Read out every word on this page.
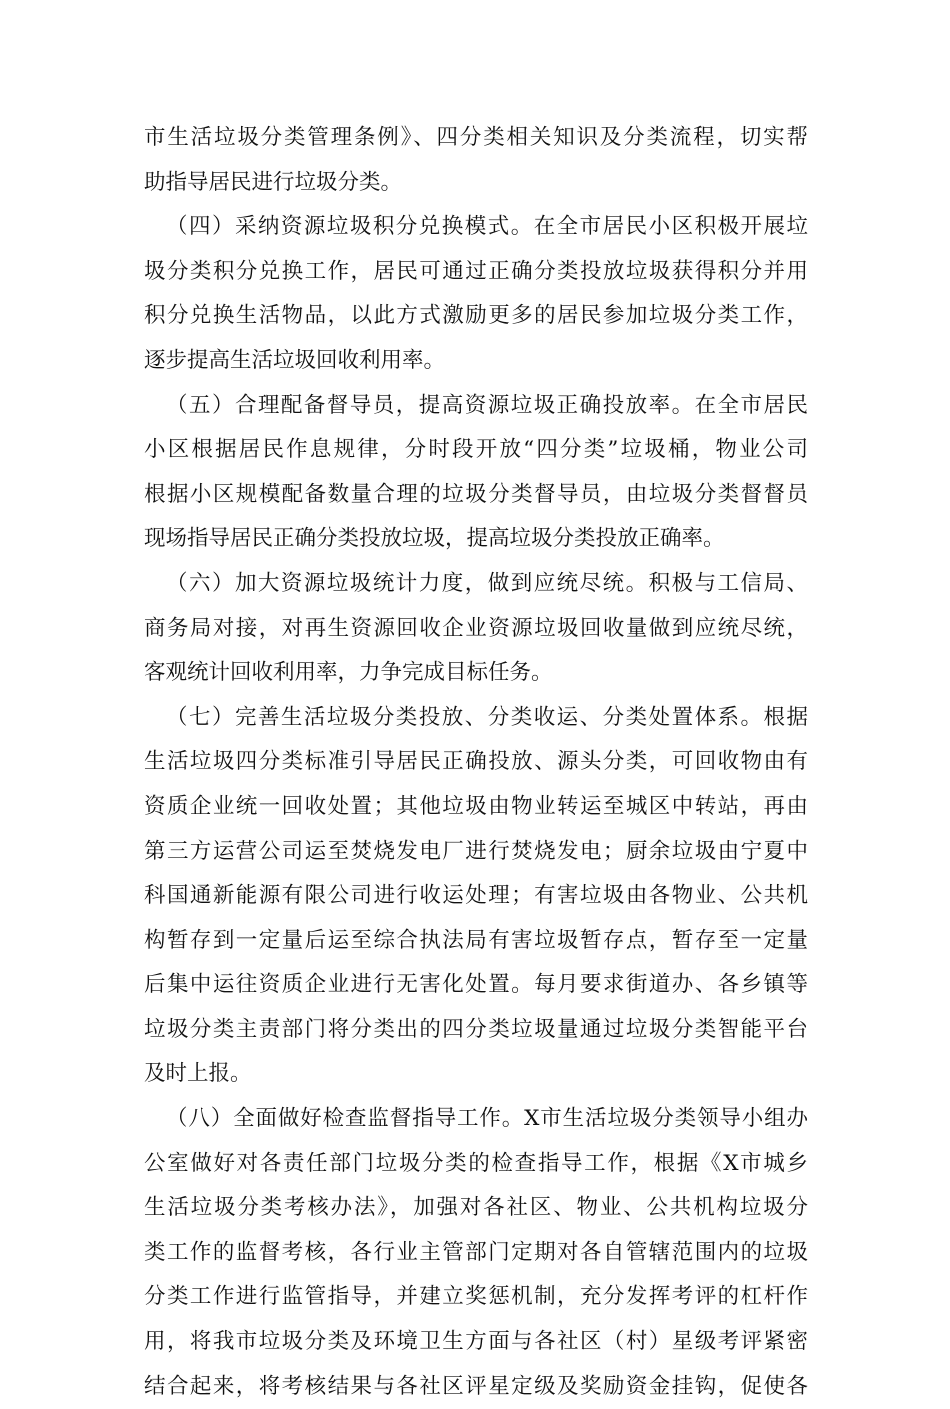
市生活垃圾分类管理条例》、四分类相关知识及分类流程，切实帮
助指导居民进行垃圾分类。
（四）采纳资源垃圾积分兑换模式。在全市居民小区积极开展垃
圾分类积分兑换工作，居民可通过正确分类投放垃圾获得积分并用
积分兑换生活物品，以此方式激励更多的居民参加垃圾分类工作，
逐步提高生活垃圾回收利用率。
（五）合理配备督导员，提高资源垃圾正确投放率。在全市居民
小区根据居民作息规律，分时段开放“四分类”垃圾桶，物业公司
根据小区规模配备数量合理的垃圾分类督导员，由垃圾分类督督员
现场指导居民正确分类投放垃圾，提高垃圾分类投放正确率。
（六）加大资源垃圾统计力度，做到应统尽统。积极与工信局、
商务局对接，对再生资源回收企业资源垃圾回收量做到应统尽统，
客观统计回收利用率，力争完成目标任务。
（七）完善生活垃圾分类投放、分类收运、分类处置体系。根据
生活垃圾四分类标准引导居民正确投放、源头分类，可回收物由有
资质企业统一回收处置；其他垃圾由物业转运至城区中转站，再由
第三方运营公司运至焚烧发电厂进行焚烧发电；厨余垃圾由宁夏中
科国通新能源有限公司进行收运处理；有害垃圾由各物业、公共机
构暂存到一定量后运至综合执法局有害垃圾暂存点，暂存至一定量
后集中运往资质企业进行无害化处置。每月要求街道办、各乡镇等
垃圾分类主责部门将分类出的四分类垃圾量通过垃圾分类智能平台
及时上报。
（八）全面做好检查监督指导工作。X市生活垃圾分类领导小组办
公室做好对各责任部门垃圾分类的检查指导工作，根据《X市城乡
生活垃圾分类考核办法》，加强对各社区、物业、公共机构垃圾分
类工作的监督考核，各行业主管部门定期对各自管辖范围内的垃圾
分类工作进行监管指导，并建立奖惩机制，充分发挥考评的杠杆作
用，将我市垃圾分类及环境卫生方面与各社区（村）星级考评紧密
结合起来，将考核结果与各社区评星定级及奖励资金挂钩，促使各
